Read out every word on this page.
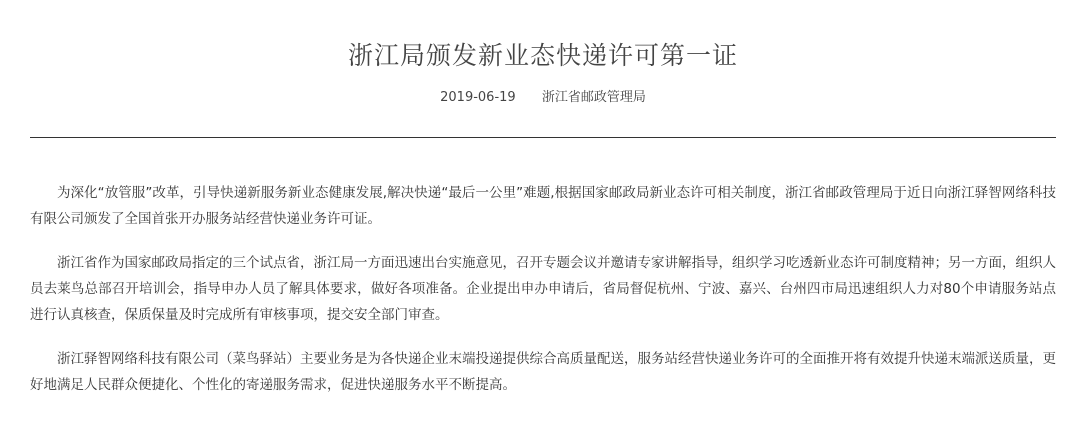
浙江局颁发新业态快递许可第一证
2019-06-19 浙江省邮政管理局

为深化“放管服”改革，引导快递新服务新业态健康发展,解决快递“最后一公里”难题,根据国家邮政局新业态许可相关制度，浙江省邮政管理局于近日向浙江驿智网络科技有限公司颁发了全国首张开办服务站经营快递业务许可证。

浙江省作为国家邮政局指定的三个试点省，浙江局一方面迅速出台实施意见，召开专题会议并邀请专家讲解指导，组织学习吃透新业态许可制度精神；另一方面，组织人员去莱鸟总部召开培训会，指导申办人员了解具体要求，做好各项准备。企业提出申办申请后，省局督促杭州、宁波、嘉兴、台州四市局迅速组织人力对80个申请服务站点进行认真核查，保质保量及时完成所有审核事项，提交安全部门审查。

浙江驿智网络科技有限公司（菜鸟驿站）主要业务是为各快递企业末端投递提供综合高质量配送，服务站经营快递业务许可的全面推开将有效提升快递末端派送质量，更好地满足人民群众便捷化、个性化的寄递服务需求，促进快递服务水平不断提高。
